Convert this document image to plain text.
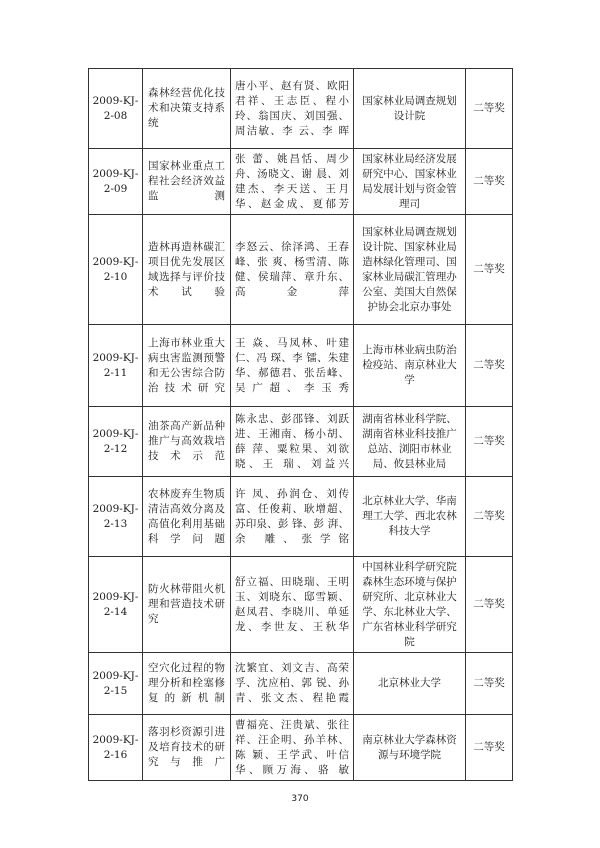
2009-KJ-2-08	森林经营优化技术和决策支持系统	唐小平、赵有贤、欧阳君祥、王志臣、程小玲、翁国庆、刘国强、周洁敏、李 云、李 晖	国家林业局调查规划设计院	二等奖
2009-KJ-2-09	国家林业重点工程社会经济效益监测	张 蕾、姚昌恬、周少舟、汤晓文、谢 晨、刘建杰、李天送、王月华、赵金成、夏郁芳	国家林业局经济发展研究中心、国家林业局发展计划与资金管理司	二等奖
2009-KJ-2-10	造林再造林碳汇项目优先发展区域选择与评价技术试验	李怒云、徐泽鸿、王春峰、张 爽、杨雪清、陈 健、侯瑞萍、章升东、高金萍	国家林业局调查规划设计院、国家林业局造林绿化管理司、国家林业局碳汇管理办公室、美国大自然保护协会北京办事处	二等奖
2009-KJ-2-11	上海市林业重大病虫害监测预警和无公害综合防治技术研究	王 焱、马凤林、叶建仁、冯 琛、李 镭、朱建华、郝德君、张岳峰、吴广超、李玉秀	上海市林业病虫防治检疫站、南京林业大学	二等奖
2009-KJ-2-12	油茶高产新品种推广与高效栽培技术示范	陈永忠、彭邵锋、刘跃进、王湘南、杨小胡、薛 萍、粟粒果、刘欲晓、王 瑞、刘益兴	湖南省林业科学院、湖南省林业科技推广总站、浏阳市林业局、攸县林业局	二等奖
2009-KJ-2-13	农林废弃生物质清洁高效分离及高值化利用基础科学问题	许 凤、孙润仓、刘传富、任俊莉、耿增超、苏印泉、彭 锋、彭 湃、余 雕、张学铭	北京林业大学、华南理工大学、西北农林科技大学	二等奖
2009-KJ-2-14	防火林带阻火机理和营造技术研究	舒立福、田晓瑞、王明玉、刘晓东、邸雪颖、赵凤君、李晓川、单延龙、李世友、王秋华	中国林业科学研究院森林生态环境与保护研究所、北京林业大学、东北林业大学、广东省林业科学研究院	二等奖
2009-KJ-2-15	空穴化过程的物理分析和栓塞修复的新机制	沈繁宜、刘文吉、高荣孚、沈应柏、郭 锐、孙 青、张文杰、程艳霞	北京林业大学	二等奖
2009-KJ-2-16	落羽杉资源引进及培育技术的研究与推广	曹福亮、汪贵斌、张往祥、汪企明、孙羊林、陈 颖、王学武、叶信华、顾万海、骆 敏	南京林业大学森林资源与环境学院	二等奖
370
